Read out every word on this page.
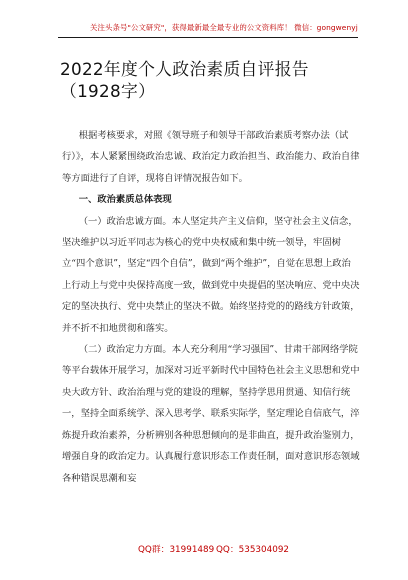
关注头条号"公文研究"，获得最新最全最专业的公文资料库！ 微信：gongwenyj
2022年度个人政治素质自评报告（1928字）

根据考核要求，对照《领导班子和领导干部政治素质考察办法（试行）》，本人紧紧围绕政治忠诚、政治定力政治担当、政治能力、政治自律等方面进行了自评，现将自评情况报告如下。

一、政治素质总体表现

（一）政治忠诚方面。本人坚定共产主义信仰，坚守社会主义信念，坚决维护以习近平同志为核心的党中央权威和集中统一领导，牢固树立“四个意识”，坚定“四个自信”，做到“两个维护”，自觉在思想上政治上行动上与党中央保持高度一致，做到党中央提倡的坚决响应、党中央决定的坚决执行、党中央禁止的坚决不做。始终坚持党的的路线方针政策，并不折不扣地贯彻和落实。

（二）政治定力方面。本人充分利用“学习强国”、甘肃干部网络学院等平台载体开展学习，加深对习近平新时代中国特色社会主义思想和党中央大政方针、政治治理与党的建设的理解，坚持学思用贯通、知信行统一，坚持全面系统学、深入思考学、联系实际学，坚定理论自信底气，淬炼提升政治素养，分析辨别各种思想倾向的是非曲直，提升政治鉴别力，增强自身的政治定力。认真履行意识形态工作责任制，面对意识形态领域各种错误思潮和妄

QQ群：31991489 QQ：535304092
